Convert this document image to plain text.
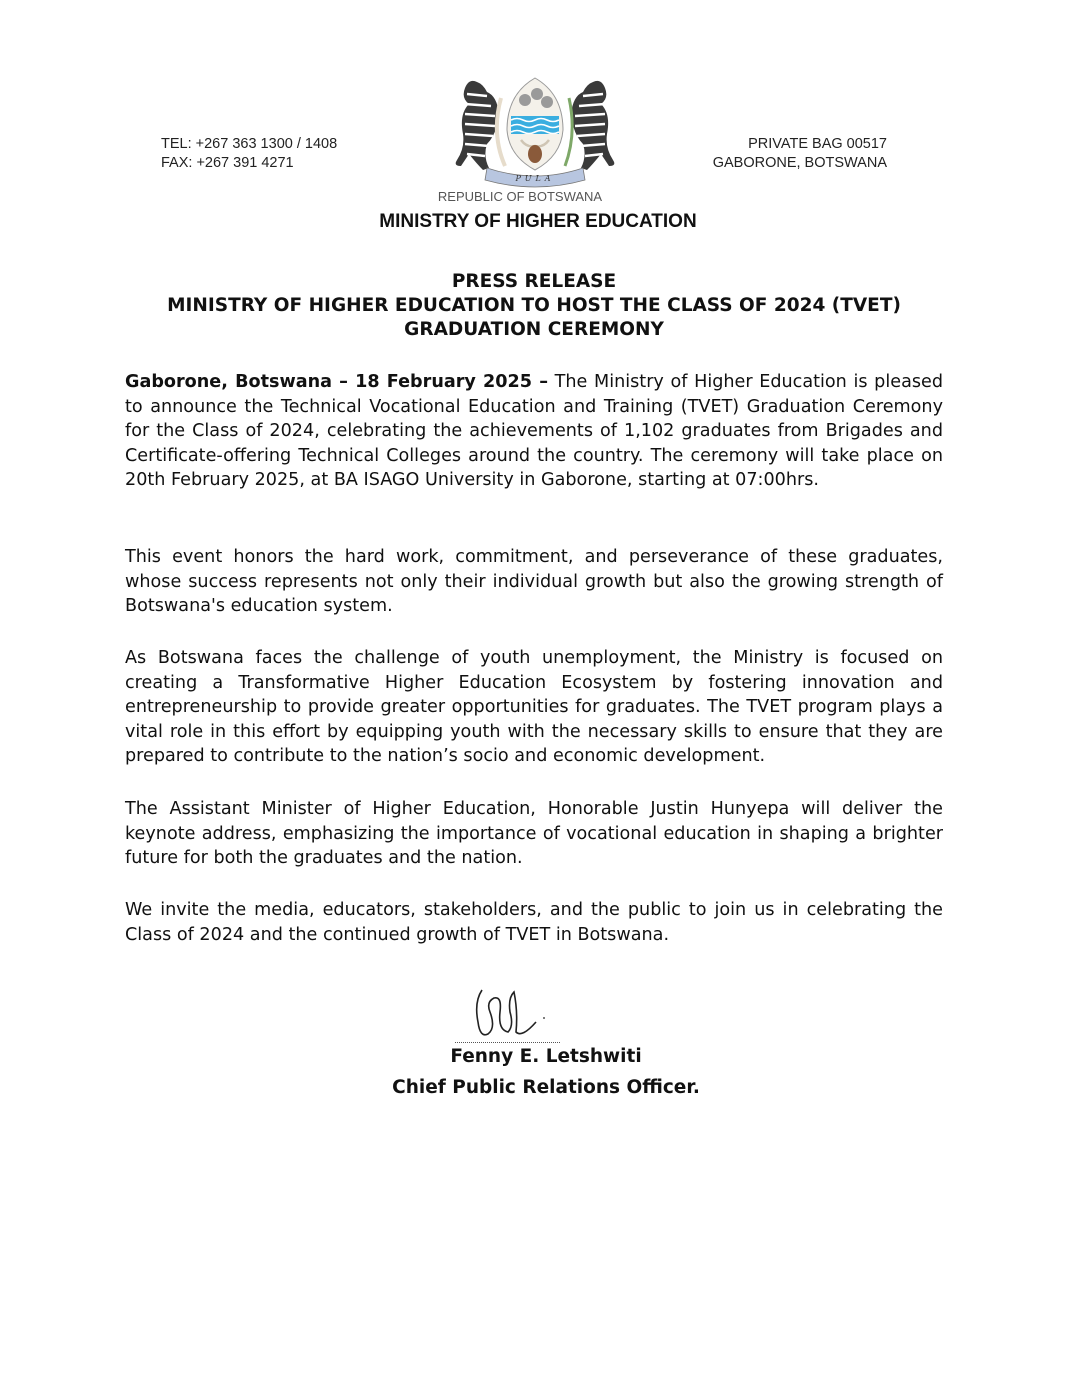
TEL: +267 363 1300 / 1408
FAX: +267 391 4271
PULA
REPUBLIC OF BOTSWANA
MINISTRY OF HIGHER EDUCATION
PRIVATE BAG 00517
GABORONE, BOTSWANA
PRESS RELEASE
MINISTRY OF HIGHER EDUCATION TO HOST THE CLASS OF 2024 (TVET)
GRADUATION CEREMONY
Gaborone, Botswana – 18 February 2025 – The Ministry of Higher Education is pleased to announce the Technical Vocational Education and Training (TVET) Graduation Ceremony for the Class of 2024, celebrating the achievements of 1,102 graduates from Brigades and Certificate-offering Technical Colleges around the country. The ceremony will take place on 20th February 2025, at BA ISAGO University in Gaborone, starting at 07:00hrs.
This event honors the hard work, commitment, and perseverance of these graduates, whose success represents not only their individual growth but also the growing strength of Botswana's education system.
As Botswana faces the challenge of youth unemployment, the Ministry is focused on creating a Transformative Higher Education Ecosystem by fostering innovation and entrepreneurship to provide greater opportunities for graduates. The TVET program plays a vital role in this effort by equipping youth with the necessary skills to ensure that they are prepared to contribute to the nation’s socio and economic development.
The Assistant Minister of Higher Education, Honorable Justin Hunyepa will deliver the keynote address, emphasizing the importance of vocational education in shaping a brighter future for both the graduates and the nation.
We invite the media, educators, stakeholders, and the public to join us in celebrating the Class of 2024 and the continued growth of TVET in Botswana.
Fenny E. Letshwiti
Chief Public Relations Officer.
